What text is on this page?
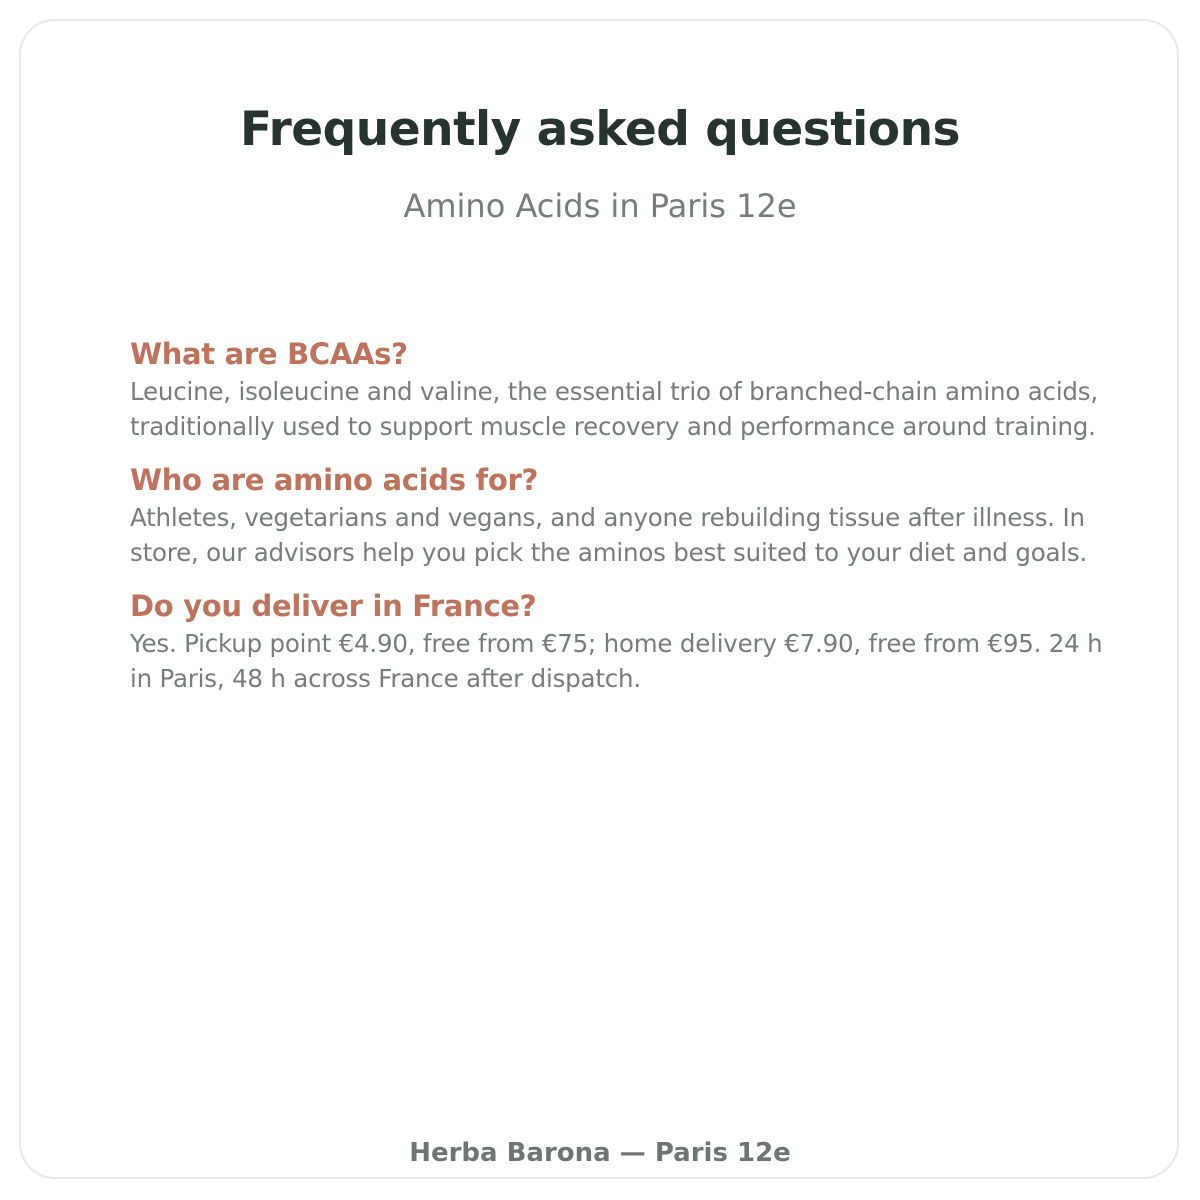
Frequently asked questions
Amino Acids in Paris 12e
What are BCAAs?
Leucine, isoleucine and valine, the essential trio of branched-chain amino acids, traditionally used to support muscle recovery and performance around training.
Who are amino acids for?
Athletes, vegetarians and vegans, and anyone rebuilding tissue after illness. In store, our advisors help you pick the aminos best suited to your diet and goals.
Do you deliver in France?
Yes. Pickup point €4.90, free from €75; home delivery €7.90, free from €95. 24 h in Paris, 48 h across France after dispatch.
Herba Barona — Paris 12e
